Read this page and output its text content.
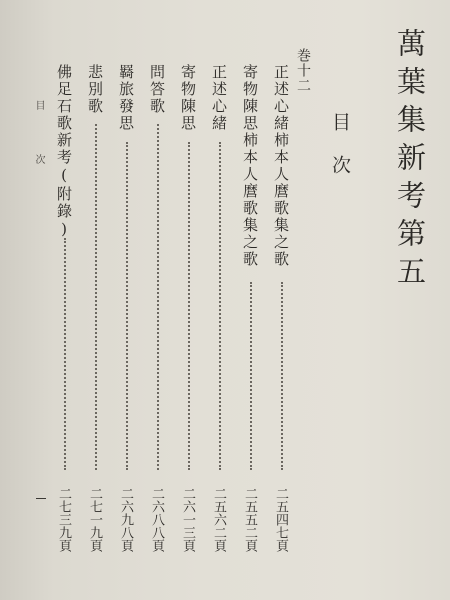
萬葉集新考第五
目次
巻十二
正述心緒柿本人麿歌集之歌
二五四七頁
寄物陳思柿本人麿歌集之歌
二五五二頁
正述心緒
二五六二頁
寄物陳思
二六一三頁
問答歌
二六八八頁
羇旅發思
二六九八頁
悲別歌
二七一九頁
佛足石歌新考(附錄)
二七三九頁
目次
